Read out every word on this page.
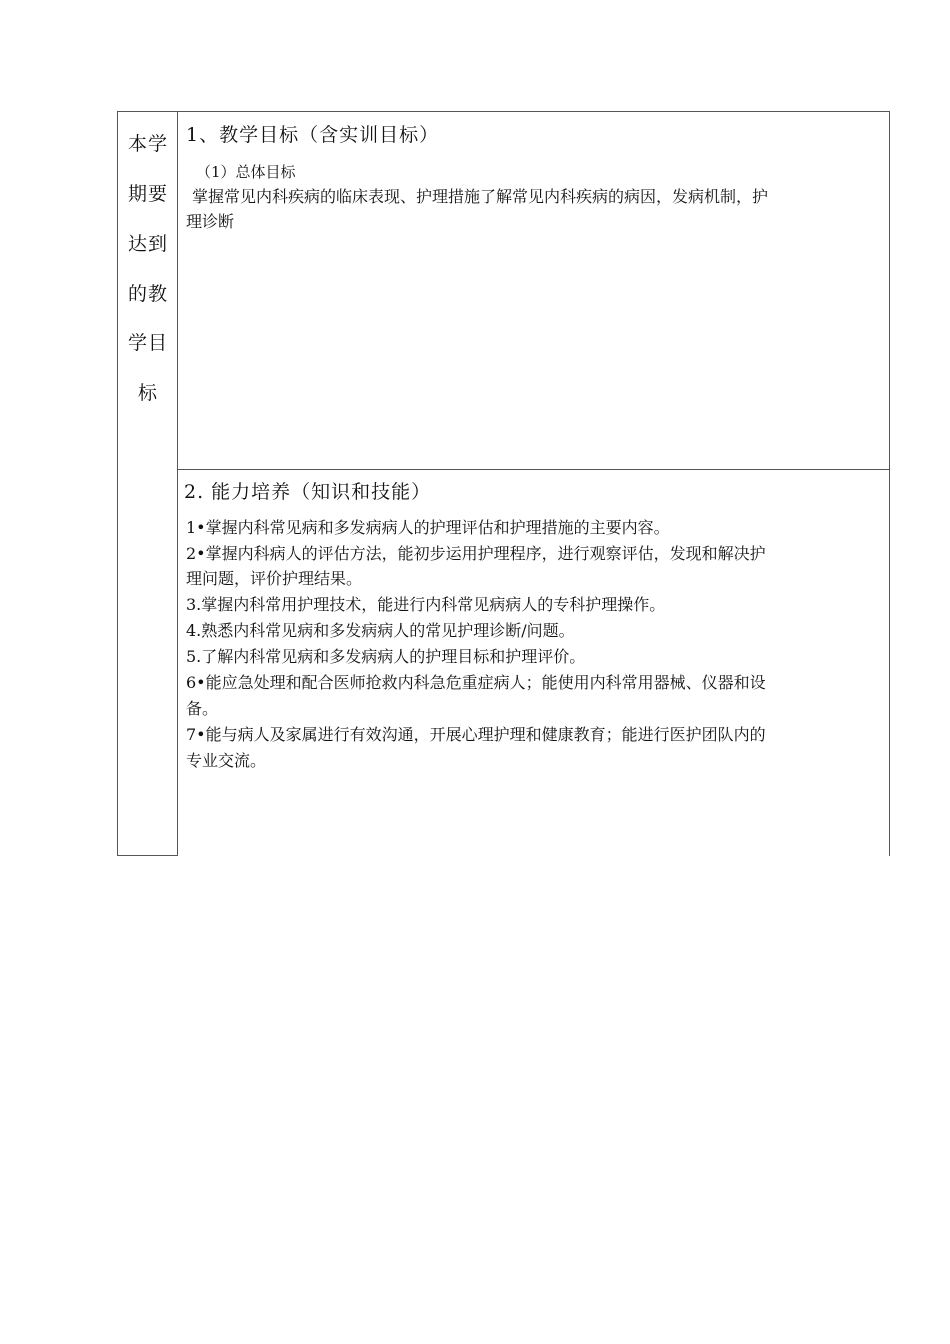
本学
期要
达到
的教
学目
标
1、教学目标（含实训目标）
（1）总体目标
掌握常见内科疾病的临床表现、护理措施了解常见内科疾病的病因，发病机制，护
理诊断
2. 能力培养（知识和技能）
1•掌握内科常见病和多发病病人的护理评估和护理措施的主要内容。
2•掌握内科病人的评估方法，能初步运用护理程序，进行观察评估，发现和解决护
理问题，评价护理结果。
3.掌握内科常用护理技术，能进行内科常见病病人的专科护理操作。
4.熟悉内科常见病和多发病病人的常见护理诊断/问题。
5.了解内科常见病和多发病病人的护理目标和护理评价。
6•能应急处理和配合医师抢救内科急危重症病人；能使用内科常用器械、仪器和设
备。
7•能与病人及家属进行有效沟通，开展心理护理和健康教育；能进行医护团队内的
专业交流。
